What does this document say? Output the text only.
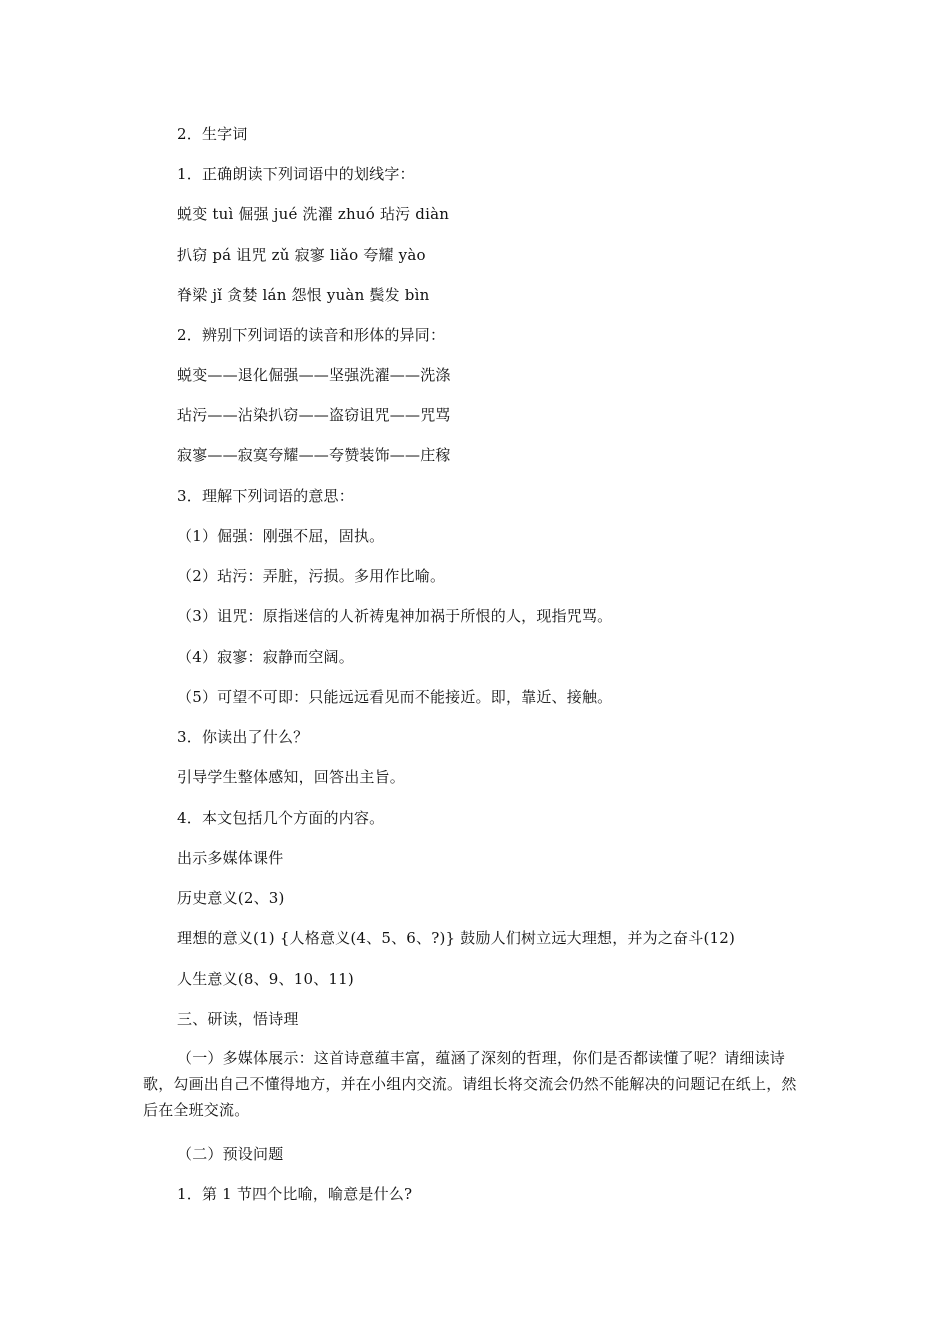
2．生字词
1．正确朗读下列词语中的划线字：
蜕变 tuì 倔强 jué 洗濯 zhuó 玷污 diàn
扒窃 pá 诅咒 zǔ 寂寥 liǎo 夸耀 yào
脊梁 jǐ 贪婪 lán 怨恨 yuàn 鬓发 bìn
2．辨别下列词语的读音和形体的异同：
蜕变——退化倔强——坚强洗濯——洗涤
玷污——沾染扒窃——盗窃诅咒——咒骂
寂寥——寂寞夸耀——夸赞装饰——庄稼
3．理解下列词语的意思：
（1）倔强：刚强不屈，固执。
（2）玷污：弄脏，污损。多用作比喻。
（3）诅咒：原指迷信的人祈祷鬼神加祸于所恨的人，现指咒骂。
（4）寂寥：寂静而空阔。
（5）可望不可即：只能远远看见而不能接近。即，靠近、接触。
3．你读出了什么？
引导学生整体感知，回答出主旨。
4．本文包括几个方面的内容。
出示多媒体课件
历史意义(2、3)
理想的意义(1) {人格意义(4、5、6、?)} 鼓励人们树立远大理想，并为之奋斗(12)
人生意义(8、9、10、11)
三、研读，悟诗理
（一）多媒体展示：这首诗意蕴丰富，蕴涵了深刻的哲理，你们是否都读懂了呢？请细读诗歌，勾画出自己不懂得地方，并在小组内交流。请组长将交流会仍然不能解决的问题记在纸上，然后在全班交流。
（二）预设问题
1．第 1 节四个比喻，喻意是什么?
